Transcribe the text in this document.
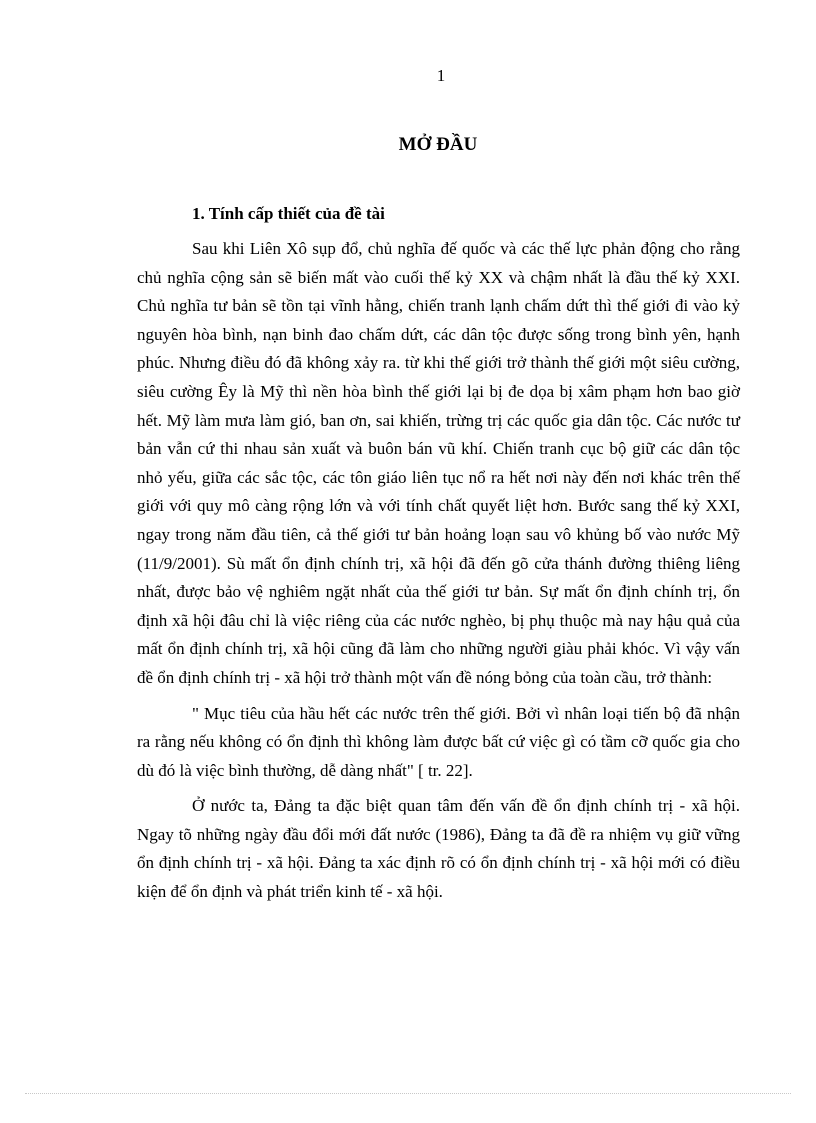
1
MỞ ĐẦU
1. Tính cấp thiết của đề tài

Sau khi Liên Xô sụp đổ, chủ nghĩa đế quốc và các thế lực phản động cho rằng chủ nghĩa cộng sản sẽ biến mất vào cuối thế kỷ XX và chậm nhất là đầu thế kỷ XXI. Chủ nghĩa tư bản sẽ tồn tại vĩnh hằng, chiến tranh lạnh chấm dứt thì thế giới đi vào kỷ nguyên hòa bình, nạn binh đao chấm dứt, các dân tộc được sống trong bình yên, hạnh phúc. Nhưng điều đó đã không xảy ra. từ khi thế giới trở thành thế giới một siêu cường, siêu cường Êy là Mỹ thì nền hòa bình thế giới lại bị đe dọa bị xâm phạm hơn bao giờ hết. Mỹ làm mưa làm gió, ban ơn, sai khiến, trừng trị các quốc gia dân tộc. Các nước tư bản vẫn cứ thi nhau sản xuất và buôn bán vũ khí. Chiến tranh cục bộ giữ các dân tộc nhỏ yếu, giữa các sắc tộc, các tôn giáo liên tục nổ ra hết nơi này đến nơi khác trên thế giới với quy mô càng rộng lớn và với tính chất quyết liệt hơn. Bước sang thế kỷ XXI, ngay trong năm đầu tiên, cả thế giới tư bản hoảng loạn sau vô khủng bố vào nước Mỹ (11/9/2001). Sù mất ổn định chính trị, xã hội đã đến gõ cửa thánh đường thiêng liêng nhất, được bảo vệ nghiêm ngặt nhất của thế giới tư bản. Sự mất ổn định chính trị, ổn định xã hội đâu chỉ là việc riêng của các nước nghèo, bị phụ thuộc mà nay hậu quả của mất ổn định chính trị, xã hội cũng đã làm cho những người giàu phải khóc. Vì vậy vấn đề ổn định chính trị - xã hội trở thành một vấn đề nóng bỏng của toàn cầu, trở thành:

" Mục tiêu của hầu hết các nước trên thế giới. Bởi vì nhân loại tiến bộ đã nhận ra rằng nếu không có ổn định thì không làm được bất cứ việc gì có tầm cỡ quốc gia cho dù đó là việc bình thường, dễ dàng nhất" [ tr. 22].

Ở nước ta, Đảng ta đặc biệt quan tâm đến vấn đề ổn định chính trị - xã hội. Ngay tõ những ngày đầu đổi mới đất nước (1986), Đảng ta đã đề ra nhiệm vụ giữ vững ổn định chính trị - xã hội. Đảng ta xác định rõ có ổn định chính trị - xã hội mới có điều kiện để ổn định và phát triển kinh tế - xã hội.
